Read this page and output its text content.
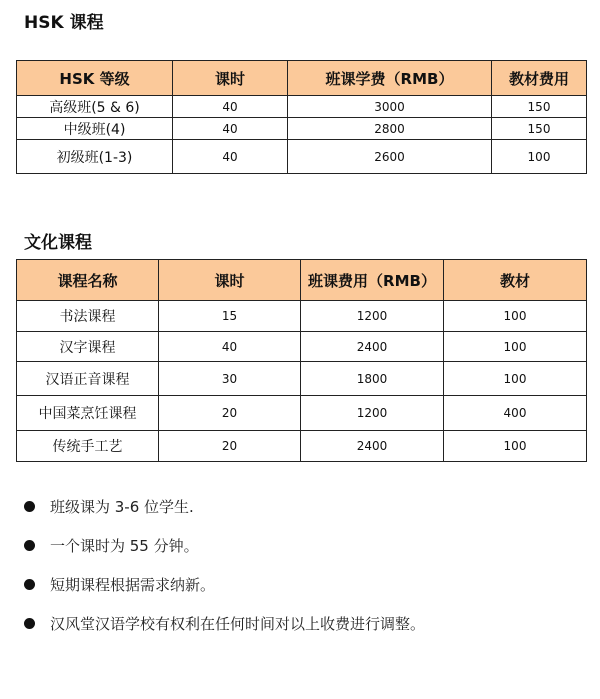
HSK 课程
HSK 等级	课时	班课学费（RMB）	教材费用
高级班(5 & 6)	40	3000	150
中级班(4)	40	2800	150
初级班(1-3)	40	2600	100
文化课程
课程名称	课时	班课费用（RMB）	教材
书法课程	15	1200	100
汉字课程	40	2400	100
汉语正音课程	30	1800	100
中国菜烹饪课程	20	1200	400
传统手工艺	20	2400	100
班级课为 3-6 位学生.
一个课时为 55 分钟。
短期课程根据需求纳新。
汉风堂汉语学校有权利在任何时间对以上收费进行调整。
